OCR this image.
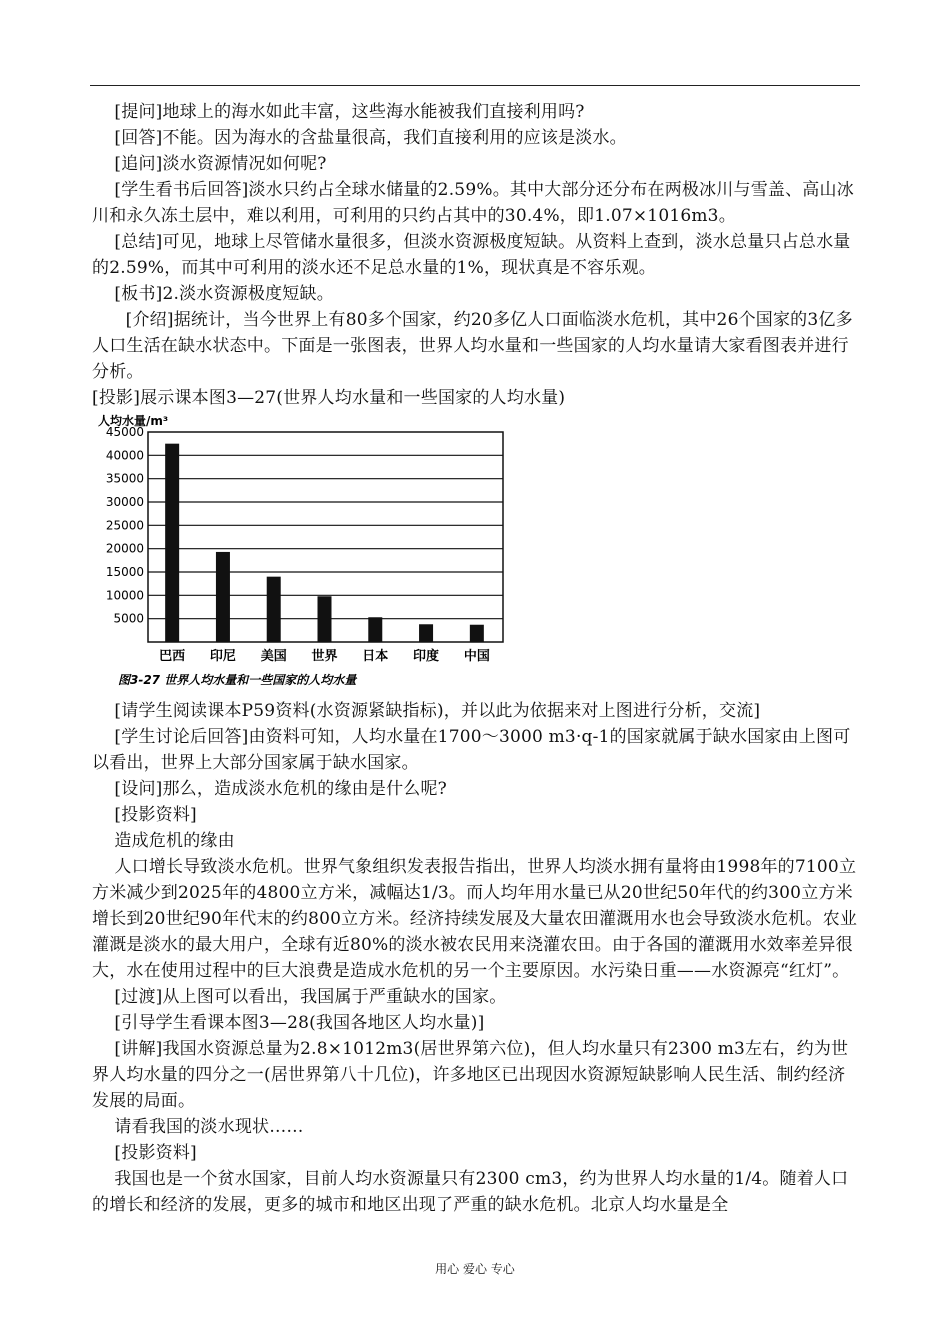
[提问]地球上的海水如此丰富，这些海水能被我们直接利用吗?

[回答]不能。因为海水的含盐量很高，我们直接利用的应该是淡水。

[追问]淡水资源情况如何呢?

[学生看书后回答]淡水只约占全球水储量的2.59%。其中大部分还分布在两极冰川与雪盖、高山冰川和永久冻土层中，难以利用，可利用的只约占其中的30.4%，即1.07×1016m3。

[总结]可见，地球上尽管储水量很多，但淡水资源极度短缺。从资料上查到，淡水总量只占总水量的2.59%，而其中可利用的淡水还不足总水量的1%，现状真是不容乐观。

[板书]2.淡水资源极度短缺。

[介绍]据统计，当今世界上有80多个国家，约20多亿人口面临淡水危机，其中26个国家的3亿多人口生活在缺水状态中。下面是一张图表，世界人均水量和一些国家的人均水量请大家看图表并进行分析。

[投影]展示课本图3—27(世界人均水量和一些国家的人均水量)

人均水量/m³
5000
10000
15000
20000
25000
30000
35000
40000
45000
巴西 印尼 美国 世界 日本 印度 中国
图3-27 世界人均水量和一些国家的人均水量

[请学生阅读课本P59资料(水资源紧缺指标)，并以此为依据来对上图进行分析，交流]

[学生讨论后回答]由资料可知，人均水量在1700～3000 m3·q-1的国家就属于缺水国家由上图可以看出，世界上大部分国家属于缺水国家。

[设问]那么，造成淡水危机的缘由是什么呢?

[投影资料]

造成危机的缘由

人口增长导致淡水危机。世界气象组织发表报告指出，世界人均淡水拥有量将由1998年的7100立方米减少到2025年的4800立方米，减幅达1/3。而人均年用水量已从20世纪50年代的约300立方米增长到20世纪90年代末的约800立方米。经济持续发展及大量农田灌溉用水也会导致淡水危机。农业灌溉是淡水的最大用户，全球有近80%的淡水被农民用来浇灌农田。由于各国的灌溉用水效率差异很大，水在使用过程中的巨大浪费是造成水危机的另一个主要原因。水污染日重——水资源亮“红灯”。

[过渡]从上图可以看出，我国属于严重缺水的国家。

[引导学生看课本图3—28(我国各地区人均水量)]

[讲解]我国水资源总量为2.8×1012m3(居世界第六位)，但人均水量只有2300 m3左右，约为世界人均水量的四分之一(居世界第八十几位)，许多地区已出现因水资源短缺影响人民生活、制约经济发展的局面。

请看我国的淡水现状……

[投影资料]

我国也是一个贫水国家，目前人均水资源量只有2300 cm3，约为世界人均水量的1/4。随着人口的增长和经济的发展，更多的城市和地区出现了严重的缺水危机。北京人均水量是全

用心 爱心 专心
